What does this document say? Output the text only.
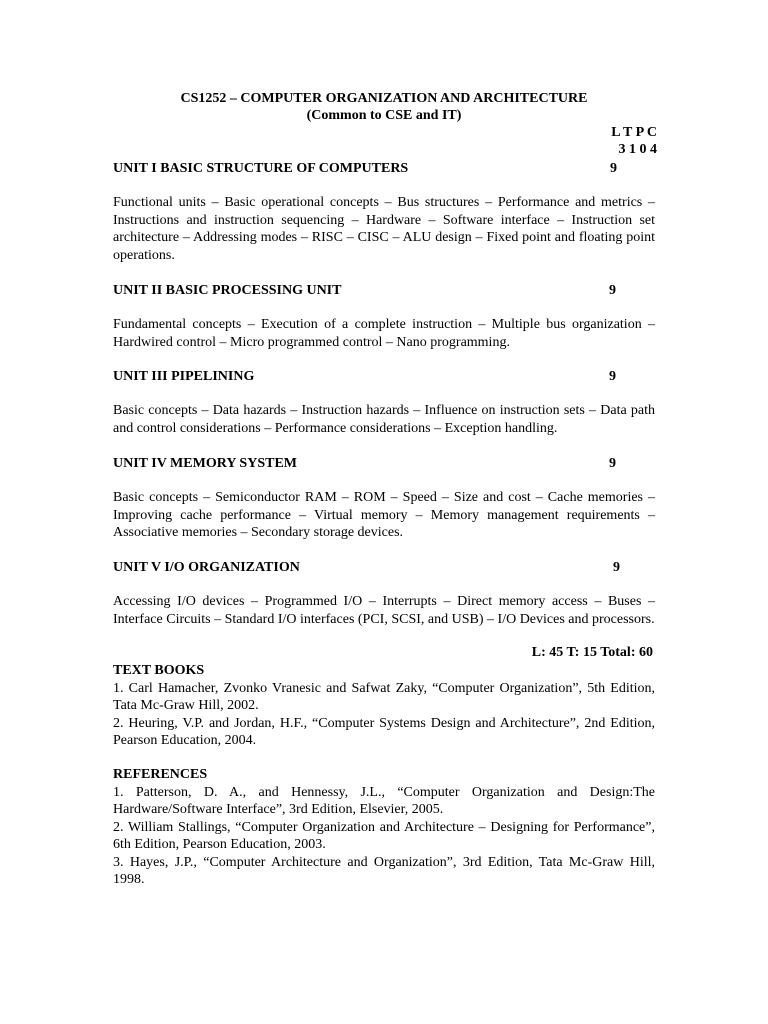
CS1252 – COMPUTER ORGANIZATION AND ARCHITECTURE
(Common to CSE and IT)
L T P C
3 1 0 4
UNIT I BASIC STRUCTURE OF COMPUTERS	9
Functional units – Basic operational concepts – Bus structures – Performance and metrics – Instructions and instruction sequencing – Hardware – Software interface – Instruction set architecture – Addressing modes – RISC – CISC – ALU design – Fixed point and floating point operations.
UNIT II BASIC PROCESSING UNIT	9
Fundamental concepts – Execution of a complete instruction – Multiple bus organization – Hardwired control – Micro programmed control – Nano programming.
UNIT III PIPELINING	9
Basic concepts – Data hazards – Instruction hazards – Influence on instruction sets – Data path and control considerations – Performance considerations – Exception handling.
UNIT IV MEMORY SYSTEM	9
Basic concepts – Semiconductor RAM – ROM – Speed – Size and cost – Cache memories – Improving cache performance – Virtual memory – Memory management requirements – Associative memories – Secondary storage devices.
UNIT V I/O ORGANIZATION	9
Accessing I/O devices – Programmed I/O – Interrupts – Direct memory access – Buses – Interface Circuits – Standard I/O interfaces (PCI, SCSI, and USB) – I/O Devices and processors.
L: 45 T: 15 Total: 60
TEXT BOOKS
1. Carl Hamacher, Zvonko Vranesic and Safwat Zaky, “Computer Organization”, 5th Edition, Tata Mc-Graw Hill, 2002.
2. Heuring, V.P. and Jordan, H.F., “Computer Systems Design and Architecture”, 2nd Edition, Pearson Education, 2004.
REFERENCES
1. Patterson, D. A., and Hennessy, J.L., “Computer Organization and Design:The Hardware/Software Interface”, 3rd Edition, Elsevier, 2005.
2. William Stallings, “Computer Organization and Architecture – Designing for Performance”, 6th Edition, Pearson Education, 2003.
3. Hayes, J.P., “Computer Architecture and Organization”, 3rd Edition, Tata Mc-Graw Hill, 1998.
